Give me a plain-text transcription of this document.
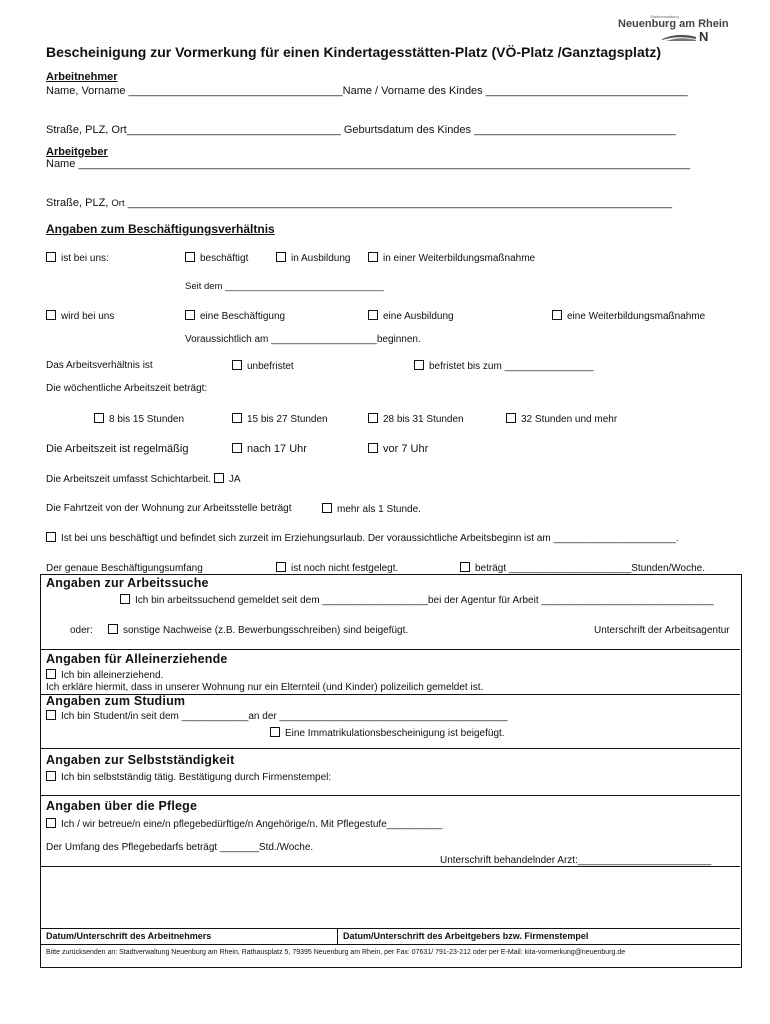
Stadtverwaltung
Neuenburg am Rhein
N
Bescheinigung zur Vormerkung für einen Kindertagesstätten-Platz (VÖ-Platz /Ganztagsplatz)
Arbeitnehmer
Name, Vorname ___________________________________Name / Vorname des Kindes _________________________________
Straße, PLZ, Ort___________________________________ Geburtsdatum des Kindes _________________________________
Arbeitgeber
Name ____________________________________________________________________________________________________
Straße, PLZ, Ort _________________________________________________________________________________________
Angaben zum Beschäftigungsverhältnis
ist bei uns:	beschäftigt	in Ausbildung	in einer Weiterbildungsmaßnahme
Seit dem ______________________________
wird bei uns	eine Beschäftigung	eine Ausbildung	eine Weiterbildungsmaßnahme
Voraussichtlich am ___________________beginnen.
Das Arbeitsverhältnis ist	unbefristet	befristet bis zum ________________
Die wöchentliche Arbeitszeit beträgt:
8 bis 15 Stunden	15 bis 27 Stunden	28 bis 31 Stunden	32 Stunden und mehr
Die Arbeitszeit ist regelmäßig	nach 17 Uhr	vor 7 Uhr
Die Arbeitszeit umfasst Schichtarbeit. JA
Die Fahrtzeit von der Wohnung zur Arbeitsstelle beträgt	mehr als 1 Stunde.
Ist bei uns beschäftigt und befindet sich zurzeit im Erziehungsurlaub. Der voraussichtliche Arbeitsbeginn ist am ______________________.
Der genaue Beschäftigungsumfang	ist noch nicht festgelegt.	beträgt ______________________Stunden/Woche.
Angaben zur Arbeitssuche
Ich bin arbeitssuchend gemeldet seit dem ___________________bei der Agentur für Arbeit _______________________________
oder:	sonstige Nachweise (z.B. Bewerbungsschreiben) sind beigefügt.	Unterschrift der Arbeitsagentur
Angaben für Alleinerziehende
Ich bin alleinerziehend.
Ich erkläre hiermit, dass in unserer Wohnung nur ein Elternteil (und Kinder) polizeilich gemeldet ist.
Angaben zum Studium
Ich bin Student/in seit dem ____________an der _________________________________________
Eine Immatrikulationsbescheinigung ist beigefügt.
Angaben zur Selbstständigkeit
Ich bin selbstständig tätig. Bestätigung durch Firmenstempel:
Angaben über die Pflege
Ich / wir betreue/n eine/n pflegebedürftige/n Angehörige/n. Mit Pflegestufe__________
Der Umfang des Pflegebedarfs beträgt _______Std./Woche.
Unterschrift behandelnder Arzt:________________________
Datum/Unterschrift des Arbeitnehmers	Datum/Unterschrift des Arbeitgebers bzw. Firmenstempel
Bitte zurücksenden an: Stadtverwaltung Neuenburg am Rhein, Rathausplatz 5, 79395 Neuenburg am Rhein, per Fax: 07631/ 791-23-212 oder per E-Mail: kita-vormerkung@neuenburg.de
